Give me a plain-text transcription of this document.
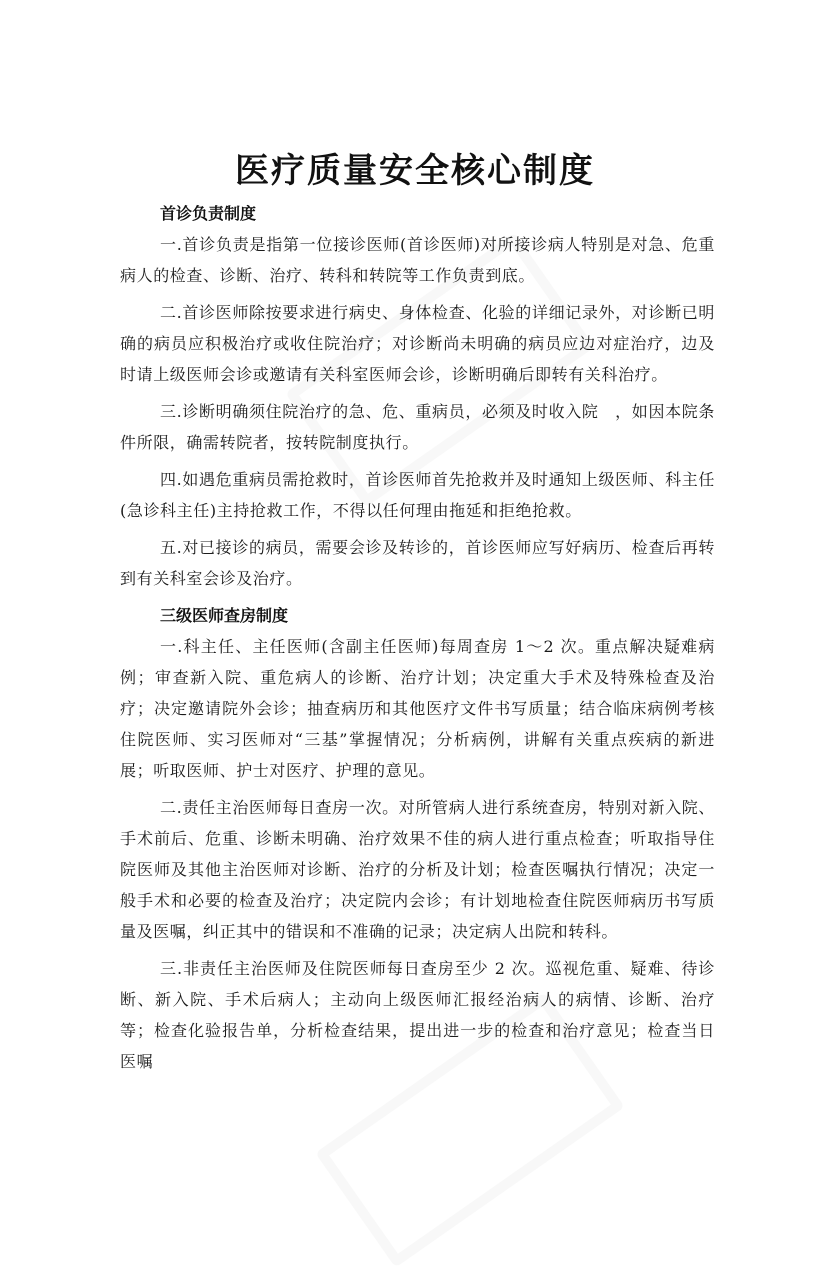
医疗质量安全核心制度

首诊负责制度

一.首诊负责是指第一位接诊医师(首诊医师)对所接诊病人特别是对急、危重病人的检查、诊断、治疗、转科和转院等工作负责到底。

二.首诊医师除按要求进行病史、身体检查、化验的详细记录外，对诊断已明确的病员应积极治疗或收住院治疗；对诊断尚未明确的病员应边对症治疗，边及时请上级医师会诊或邀请有关科室医师会诊，诊断明确后即转有关科治疗。

三.诊断明确须住院治疗的急、危、重病员，必须及时收入院　，如因本院条件所限，确需转院者，按转院制度执行。

四.如遇危重病员需抢救时，首诊医师首先抢救并及时通知上级医师、科主任(急诊科主任)主持抢救工作，不得以任何理由拖延和拒绝抢救。

五.对已接诊的病员，需要会诊及转诊的，首诊医师应写好病历、检查后再转到有关科室会诊及治疗。

三级医师查房制度

一.科主任、主任医师(含副主任医师)每周查房 1～2 次。重点解决疑难病例；审查新入院、重危病人的诊断、治疗计划；决定重大手术及特殊检查及治疗；决定邀请院外会诊；抽查病历和其他医疗文件书写质量；结合临床病例考核住院医师、实习医师对“三基”掌握情况；分析病例，讲解有关重点疾病的新进展；听取医师、护士对医疗、护理的意见。

二.责任主治医师每日查房一次。对所管病人进行系统查房，特别对新入院、手术前后、危重、诊断未明确、治疗效果不佳的病人进行重点检查；听取指导住院医师及其他主治医师对诊断、治疗的分析及计划；检查医嘱执行情况；决定一般手术和必要的检查及治疗；决定院内会诊；有计划地检查住院医师病历书写质量及医嘱，纠正其中的错误和不准确的记录；决定病人出院和转科。

三.非责任主治医师及住院医师每日查房至少 2 次。巡视危重、疑难、待诊断、新入院、手术后病人；主动向上级医师汇报经治病人的病情、诊断、治疗等；检查化验报告单，分析检查结果，提出进一步的检查和治疗意见；检查当日医嘱
